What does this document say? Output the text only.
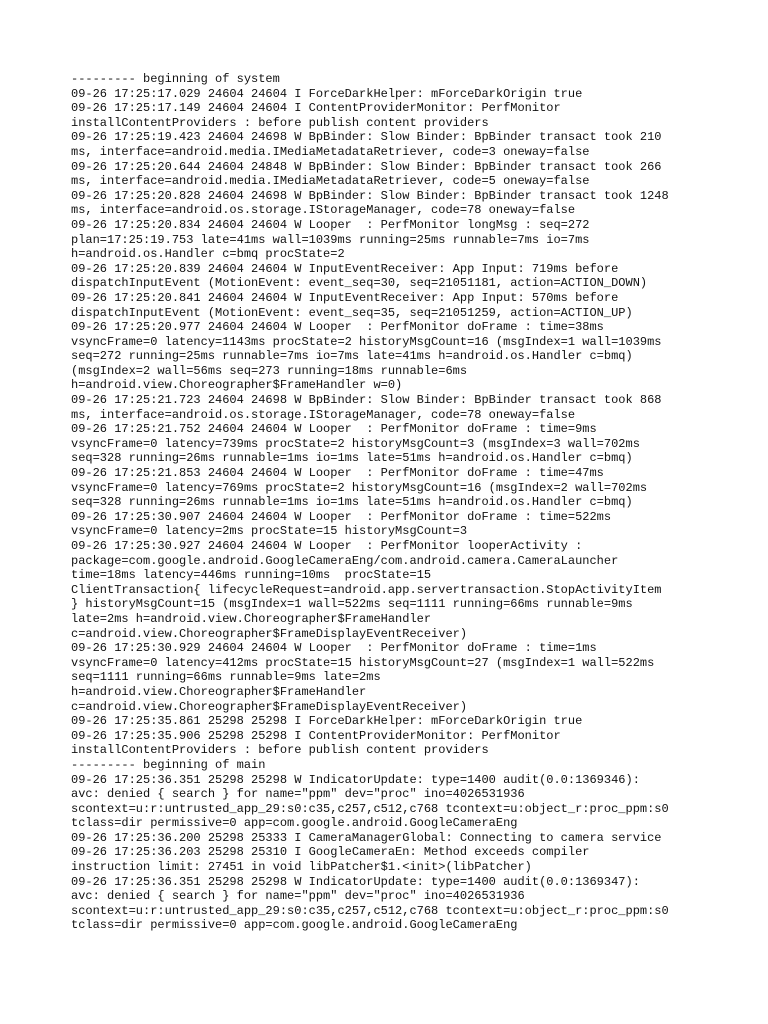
--------- beginning of system
09-26 17:25:17.029 24604 24604 I ForceDarkHelper: mForceDarkOrigin true
09-26 17:25:17.149 24604 24604 I ContentProviderMonitor: PerfMonitor
installContentProviders : before publish content providers
09-26 17:25:19.423 24604 24698 W BpBinder: Slow Binder: BpBinder transact took 210
ms, interface=android.media.IMediaMetadataRetriever, code=3 oneway=false
09-26 17:25:20.644 24604 24848 W BpBinder: Slow Binder: BpBinder transact took 266
ms, interface=android.media.IMediaMetadataRetriever, code=5 oneway=false
09-26 17:25:20.828 24604 24698 W BpBinder: Slow Binder: BpBinder transact took 1248
ms, interface=android.os.storage.IStorageManager, code=78 oneway=false
09-26 17:25:20.834 24604 24604 W Looper  : PerfMonitor longMsg : seq=272
plan=17:25:19.753 late=41ms wall=1039ms running=25ms runnable=7ms io=7ms
h=android.os.Handler c=bmq procState=2
09-26 17:25:20.839 24604 24604 W InputEventReceiver: App Input: 719ms before
dispatchInputEvent (MotionEvent: event_seq=30, seq=21051181, action=ACTION_DOWN)
09-26 17:25:20.841 24604 24604 W InputEventReceiver: App Input: 570ms before
dispatchInputEvent (MotionEvent: event_seq=35, seq=21051259, action=ACTION_UP)
09-26 17:25:20.977 24604 24604 W Looper  : PerfMonitor doFrame : time=38ms
vsyncFrame=0 latency=1143ms procState=2 historyMsgCount=16 (msgIndex=1 wall=1039ms
seq=272 running=25ms runnable=7ms io=7ms late=41ms h=android.os.Handler c=bmq)
(msgIndex=2 wall=56ms seq=273 running=18ms runnable=6ms
h=android.view.Choreographer$FrameHandler w=0)
09-26 17:25:21.723 24604 24698 W BpBinder: Slow Binder: BpBinder transact took 868
ms, interface=android.os.storage.IStorageManager, code=78 oneway=false
09-26 17:25:21.752 24604 24604 W Looper  : PerfMonitor doFrame : time=9ms
vsyncFrame=0 latency=739ms procState=2 historyMsgCount=3 (msgIndex=3 wall=702ms
seq=328 running=26ms runnable=1ms io=1ms late=51ms h=android.os.Handler c=bmq)
09-26 17:25:21.853 24604 24604 W Looper  : PerfMonitor doFrame : time=47ms
vsyncFrame=0 latency=769ms procState=2 historyMsgCount=16 (msgIndex=2 wall=702ms
seq=328 running=26ms runnable=1ms io=1ms late=51ms h=android.os.Handler c=bmq)
09-26 17:25:30.907 24604 24604 W Looper  : PerfMonitor doFrame : time=522ms
vsyncFrame=0 latency=2ms procState=15 historyMsgCount=3
09-26 17:25:30.927 24604 24604 W Looper  : PerfMonitor looperActivity :
package=com.google.android.GoogleCameraEng/com.android.camera.CameraLauncher
time=18ms latency=446ms running=10ms  procState=15
ClientTransaction{ lifecycleRequest=android.app.servertransaction.StopActivityItem
} historyMsgCount=15 (msgIndex=1 wall=522ms seq=1111 running=66ms runnable=9ms
late=2ms h=android.view.Choreographer$FrameHandler
c=android.view.Choreographer$FrameDisplayEventReceiver)
09-26 17:25:30.929 24604 24604 W Looper  : PerfMonitor doFrame : time=1ms
vsyncFrame=0 latency=412ms procState=15 historyMsgCount=27 (msgIndex=1 wall=522ms
seq=1111 running=66ms runnable=9ms late=2ms
h=android.view.Choreographer$FrameHandler
c=android.view.Choreographer$FrameDisplayEventReceiver)
09-26 17:25:35.861 25298 25298 I ForceDarkHelper: mForceDarkOrigin true
09-26 17:25:35.906 25298 25298 I ContentProviderMonitor: PerfMonitor
installContentProviders : before publish content providers
--------- beginning of main
09-26 17:25:36.351 25298 25298 W IndicatorUpdate: type=1400 audit(0.0:1369346):
avc: denied { search } for name="ppm" dev="proc" ino=4026531936
scontext=u:r:untrusted_app_29:s0:c35,c257,c512,c768 tcontext=u:object_r:proc_ppm:s0
tclass=dir permissive=0 app=com.google.android.GoogleCameraEng
09-26 17:25:36.200 25298 25333 I CameraManagerGlobal: Connecting to camera service
09-26 17:25:36.203 25298 25310 I GoogleCameraEn: Method exceeds compiler
instruction limit: 27451 in void libPatcher$1.<init>(libPatcher)
09-26 17:25:36.351 25298 25298 W IndicatorUpdate: type=1400 audit(0.0:1369347):
avc: denied { search } for name="ppm" dev="proc" ino=4026531936
scontext=u:r:untrusted_app_29:s0:c35,c257,c512,c768 tcontext=u:object_r:proc_ppm:s0
tclass=dir permissive=0 app=com.google.android.GoogleCameraEng
